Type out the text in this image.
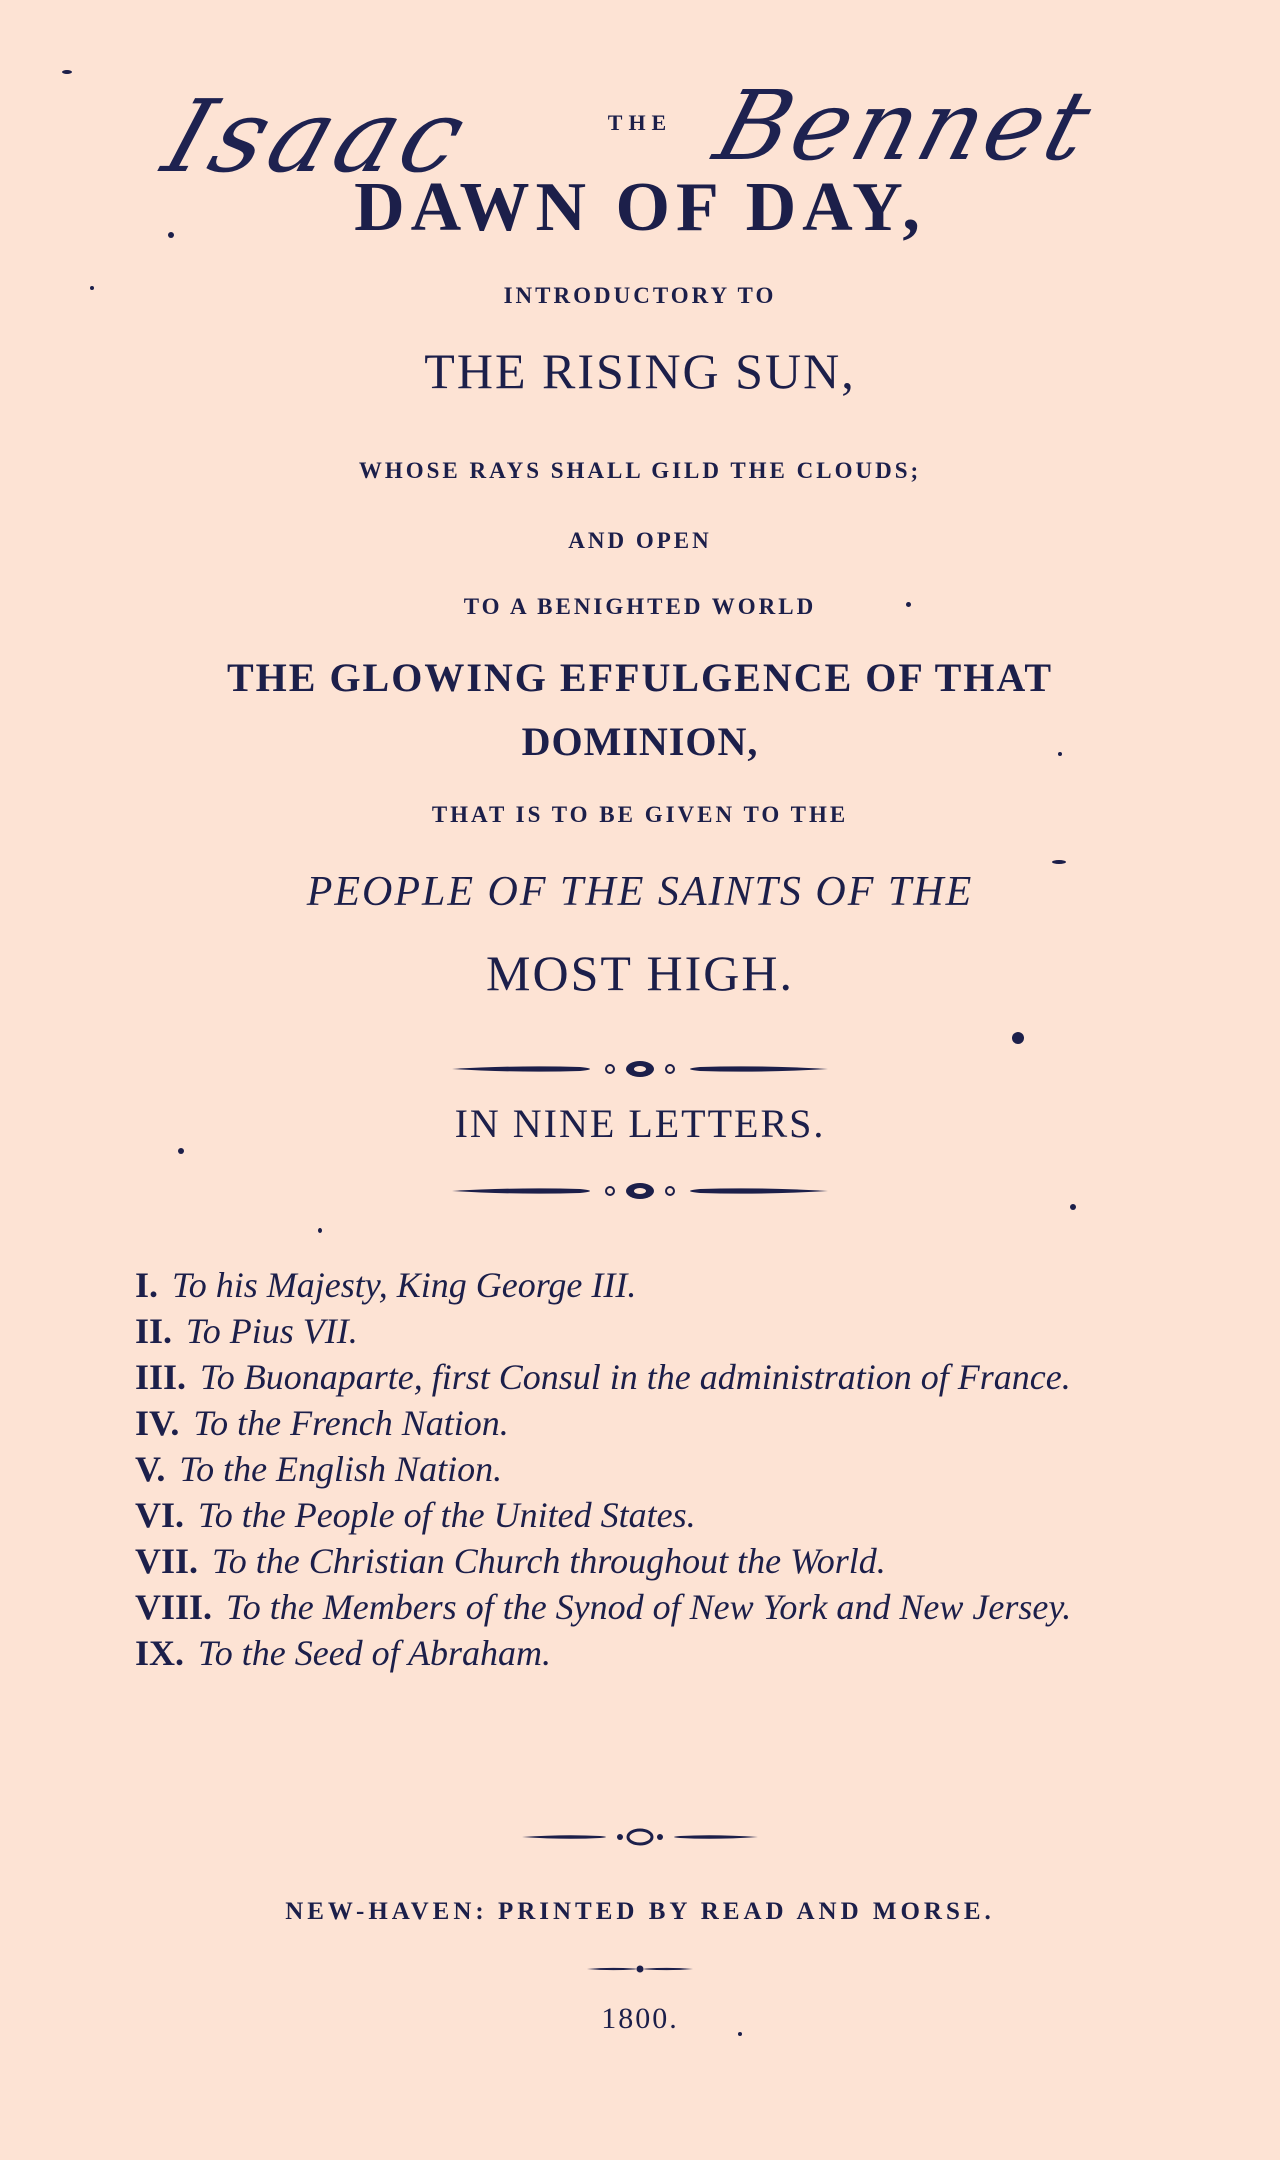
Isaac Bennet
THE
DAWN OF DAY,
INTRODUCTORY TO
THE RISING SUN,
WHOSE RAYS SHALL GILD THE CLOUDS;
AND OPEN
TO A BENIGHTED WORLD
THE GLOWING EFFULGENCE OF THAT
DOMINION,
THAT IS TO BE GIVEN TO THE
PEOPLE OF THE SAINTS OF THE
MOST HIGH.
IN NINE LETTERS.
I. To his Majesty, King George III.
II. To Pius VII.
III. To Buonaparte, first Consul in the administration of France.
IV. To the French Nation.
V. To the English Nation.
VI. To the People of the United States.
VII. To the Christian Church throughout the World.
VIII. To the Members of the Synod of New York and New Jersey.
IX. To the Seed of Abraham.
NEW-HAVEN: PRINTED BY READ AND MORSE.
1800.
